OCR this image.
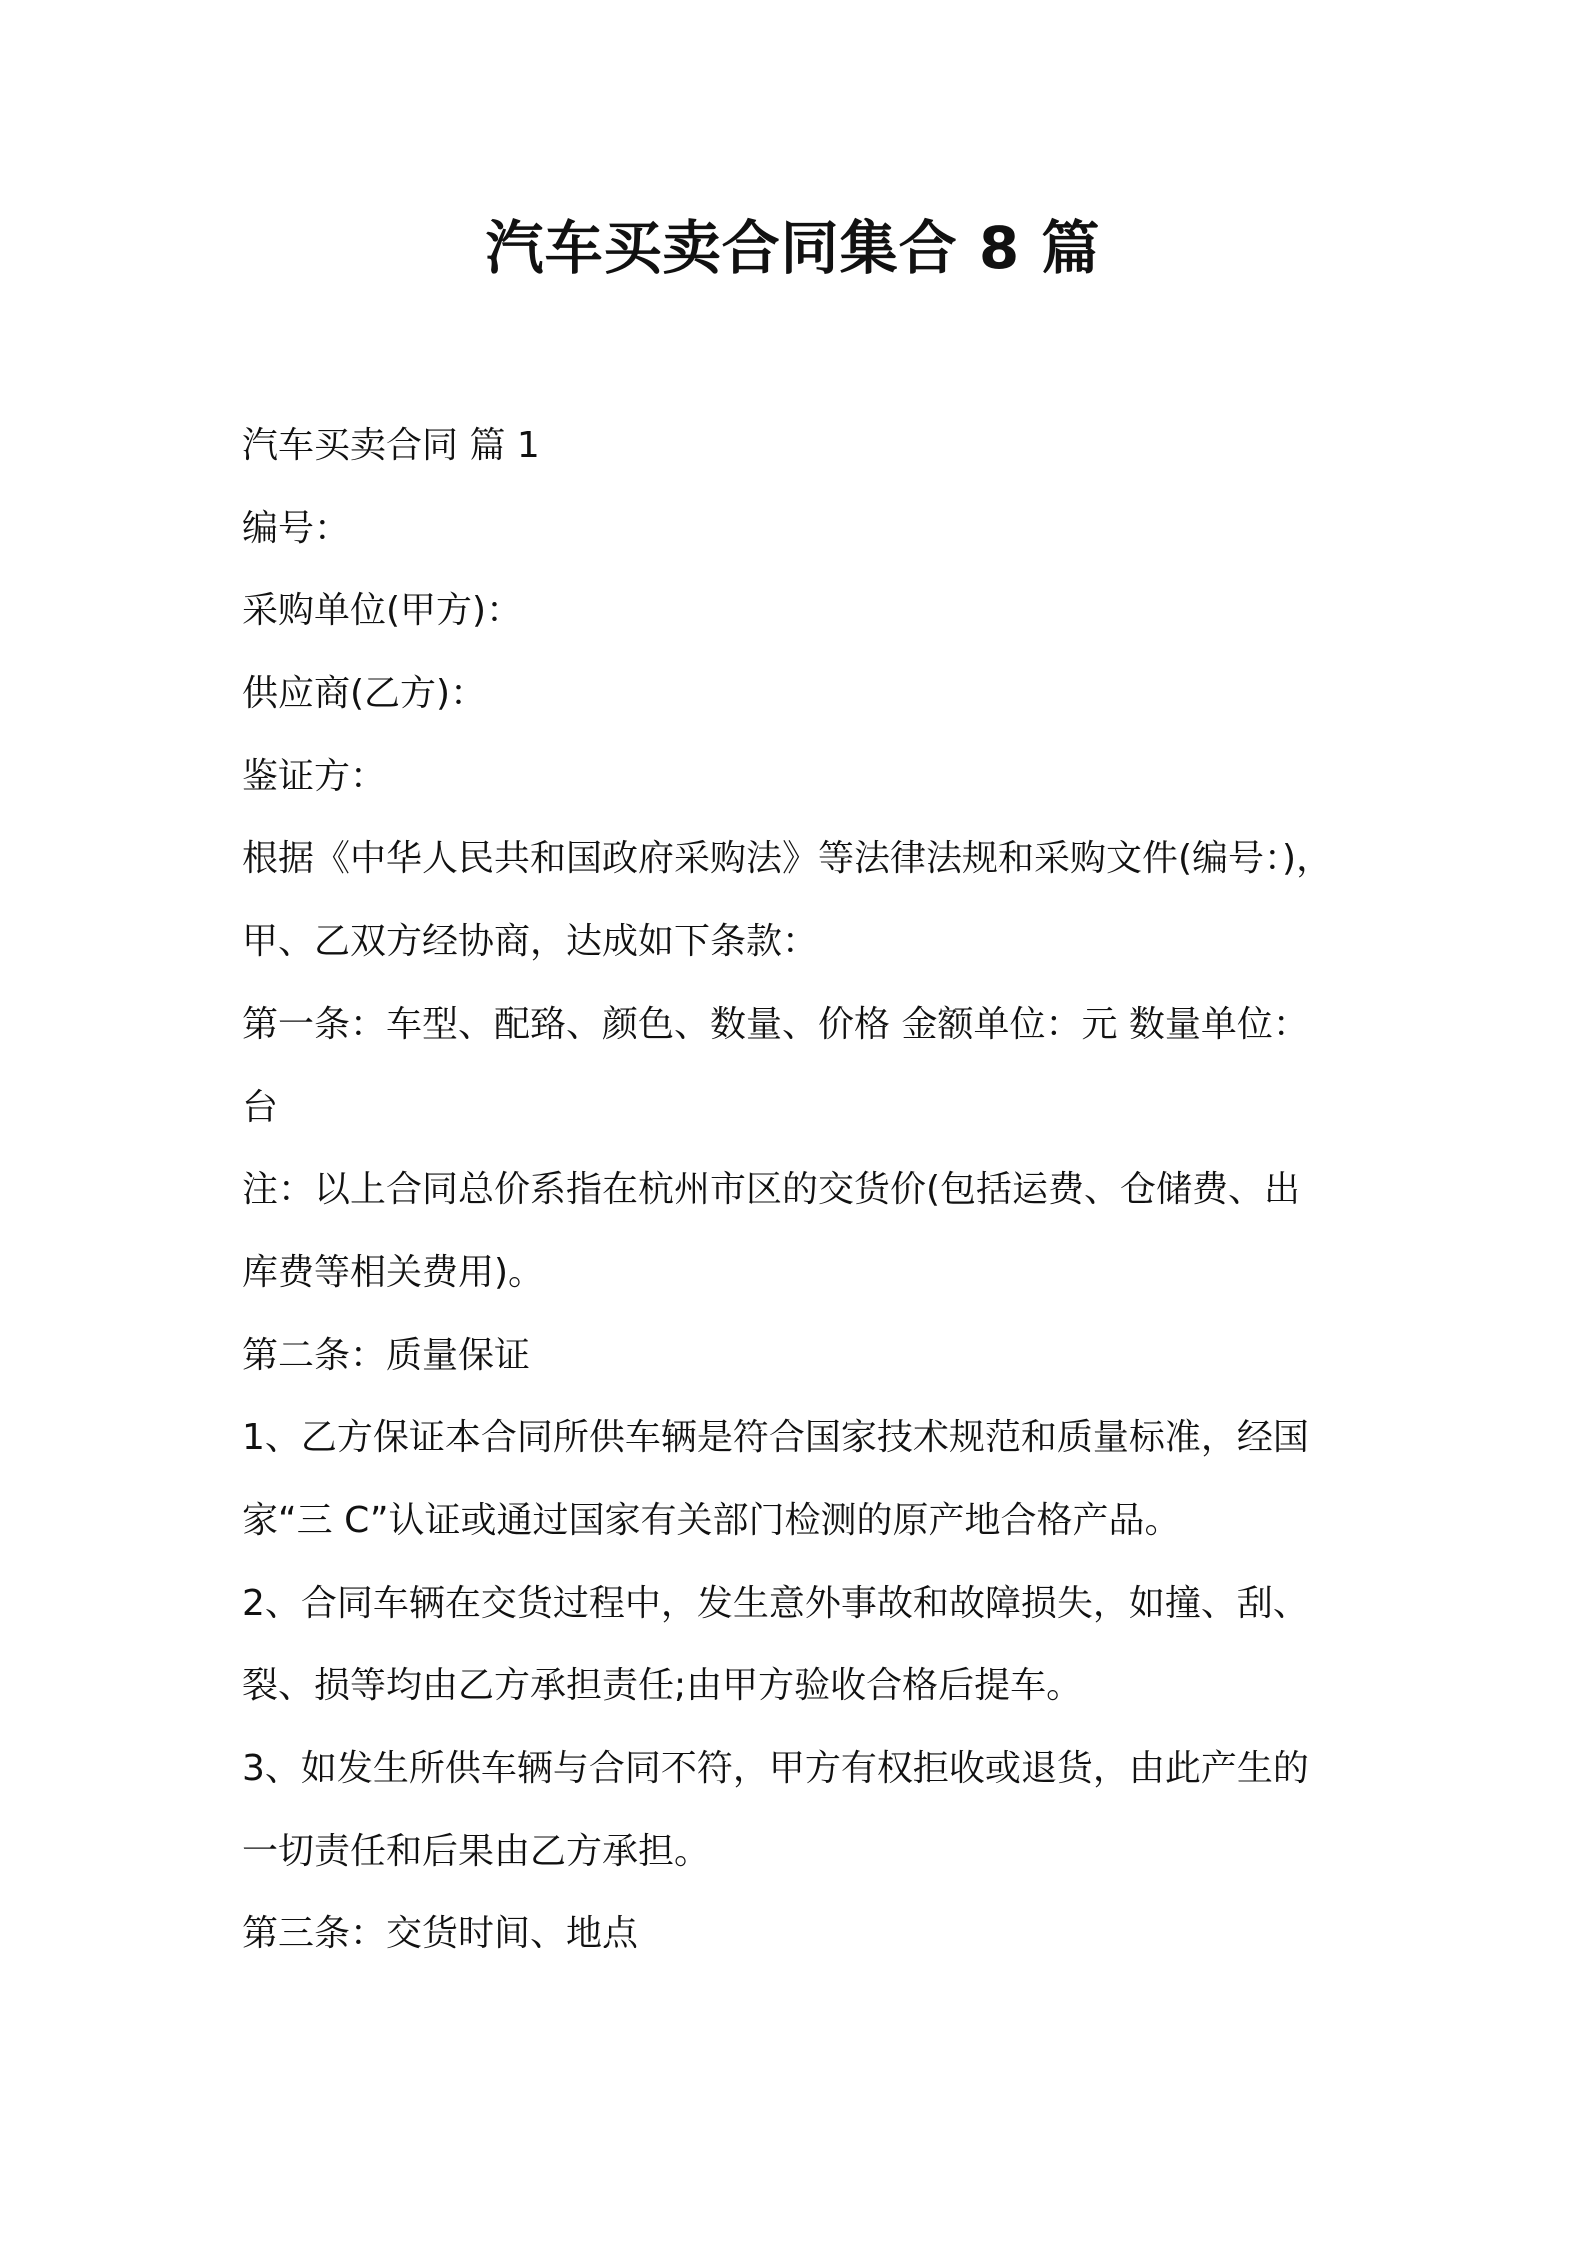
汽车买卖合同集合 8 篇
汽车买卖合同 篇 1
编号：
采购单位(甲方)：
供应商(乙方)：
鉴证方：
根据《中华人民共和国政府采购法》等法律法规和采购文件(编号：)，
甲、乙双方经协商，达成如下条款：
第一条：车型、配臵、颜色、数量、价格 金额单位：元 数量单位：
台
注：以上合同总价系指在杭州市区的交货价(包括运费、仓储费、出
库费等相关费用)。
第二条：质量保证
1、乙方保证本合同所供车辆是符合国家技术规范和质量标准，经国
家“三 C”认证或通过国家有关部门检测的原产地合格产品。
2、合同车辆在交货过程中，发生意外事故和故障损失，如撞、刮、
裂、损等均由乙方承担责任;由甲方验收合格后提车。
3、如发生所供车辆与合同不符，甲方有权拒收或退货，由此产生的
一切责任和后果由乙方承担。
第三条：交货时间、地点
